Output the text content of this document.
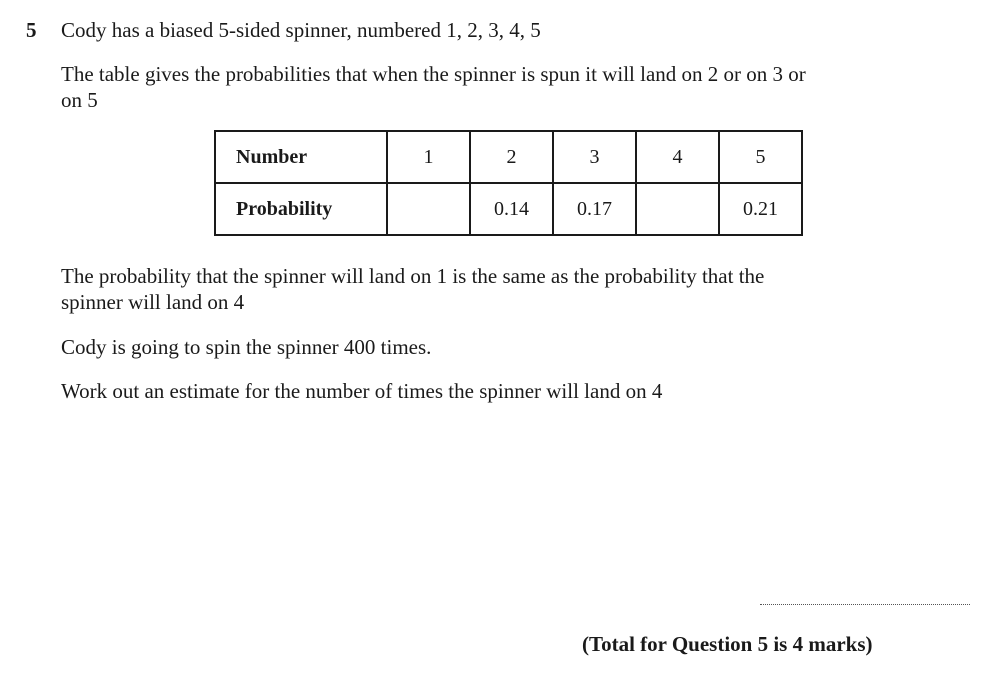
5 Cody has a biased 5-sided spinner, numbered 1, 2, 3, 4, 5

The table gives the probabilities that when the spinner is spun it will land on 2 or on 3 or on 5

Number	1	2	3	4	5
Probability		0.14	0.17		0.21

The probability that the spinner will land on 1 is the same as the probability that the spinner will land on 4

Cody is going to spin the spinner 400 times.

Work out an estimate for the number of times the spinner will land on 4

(Total for Question 5 is 4 marks)
